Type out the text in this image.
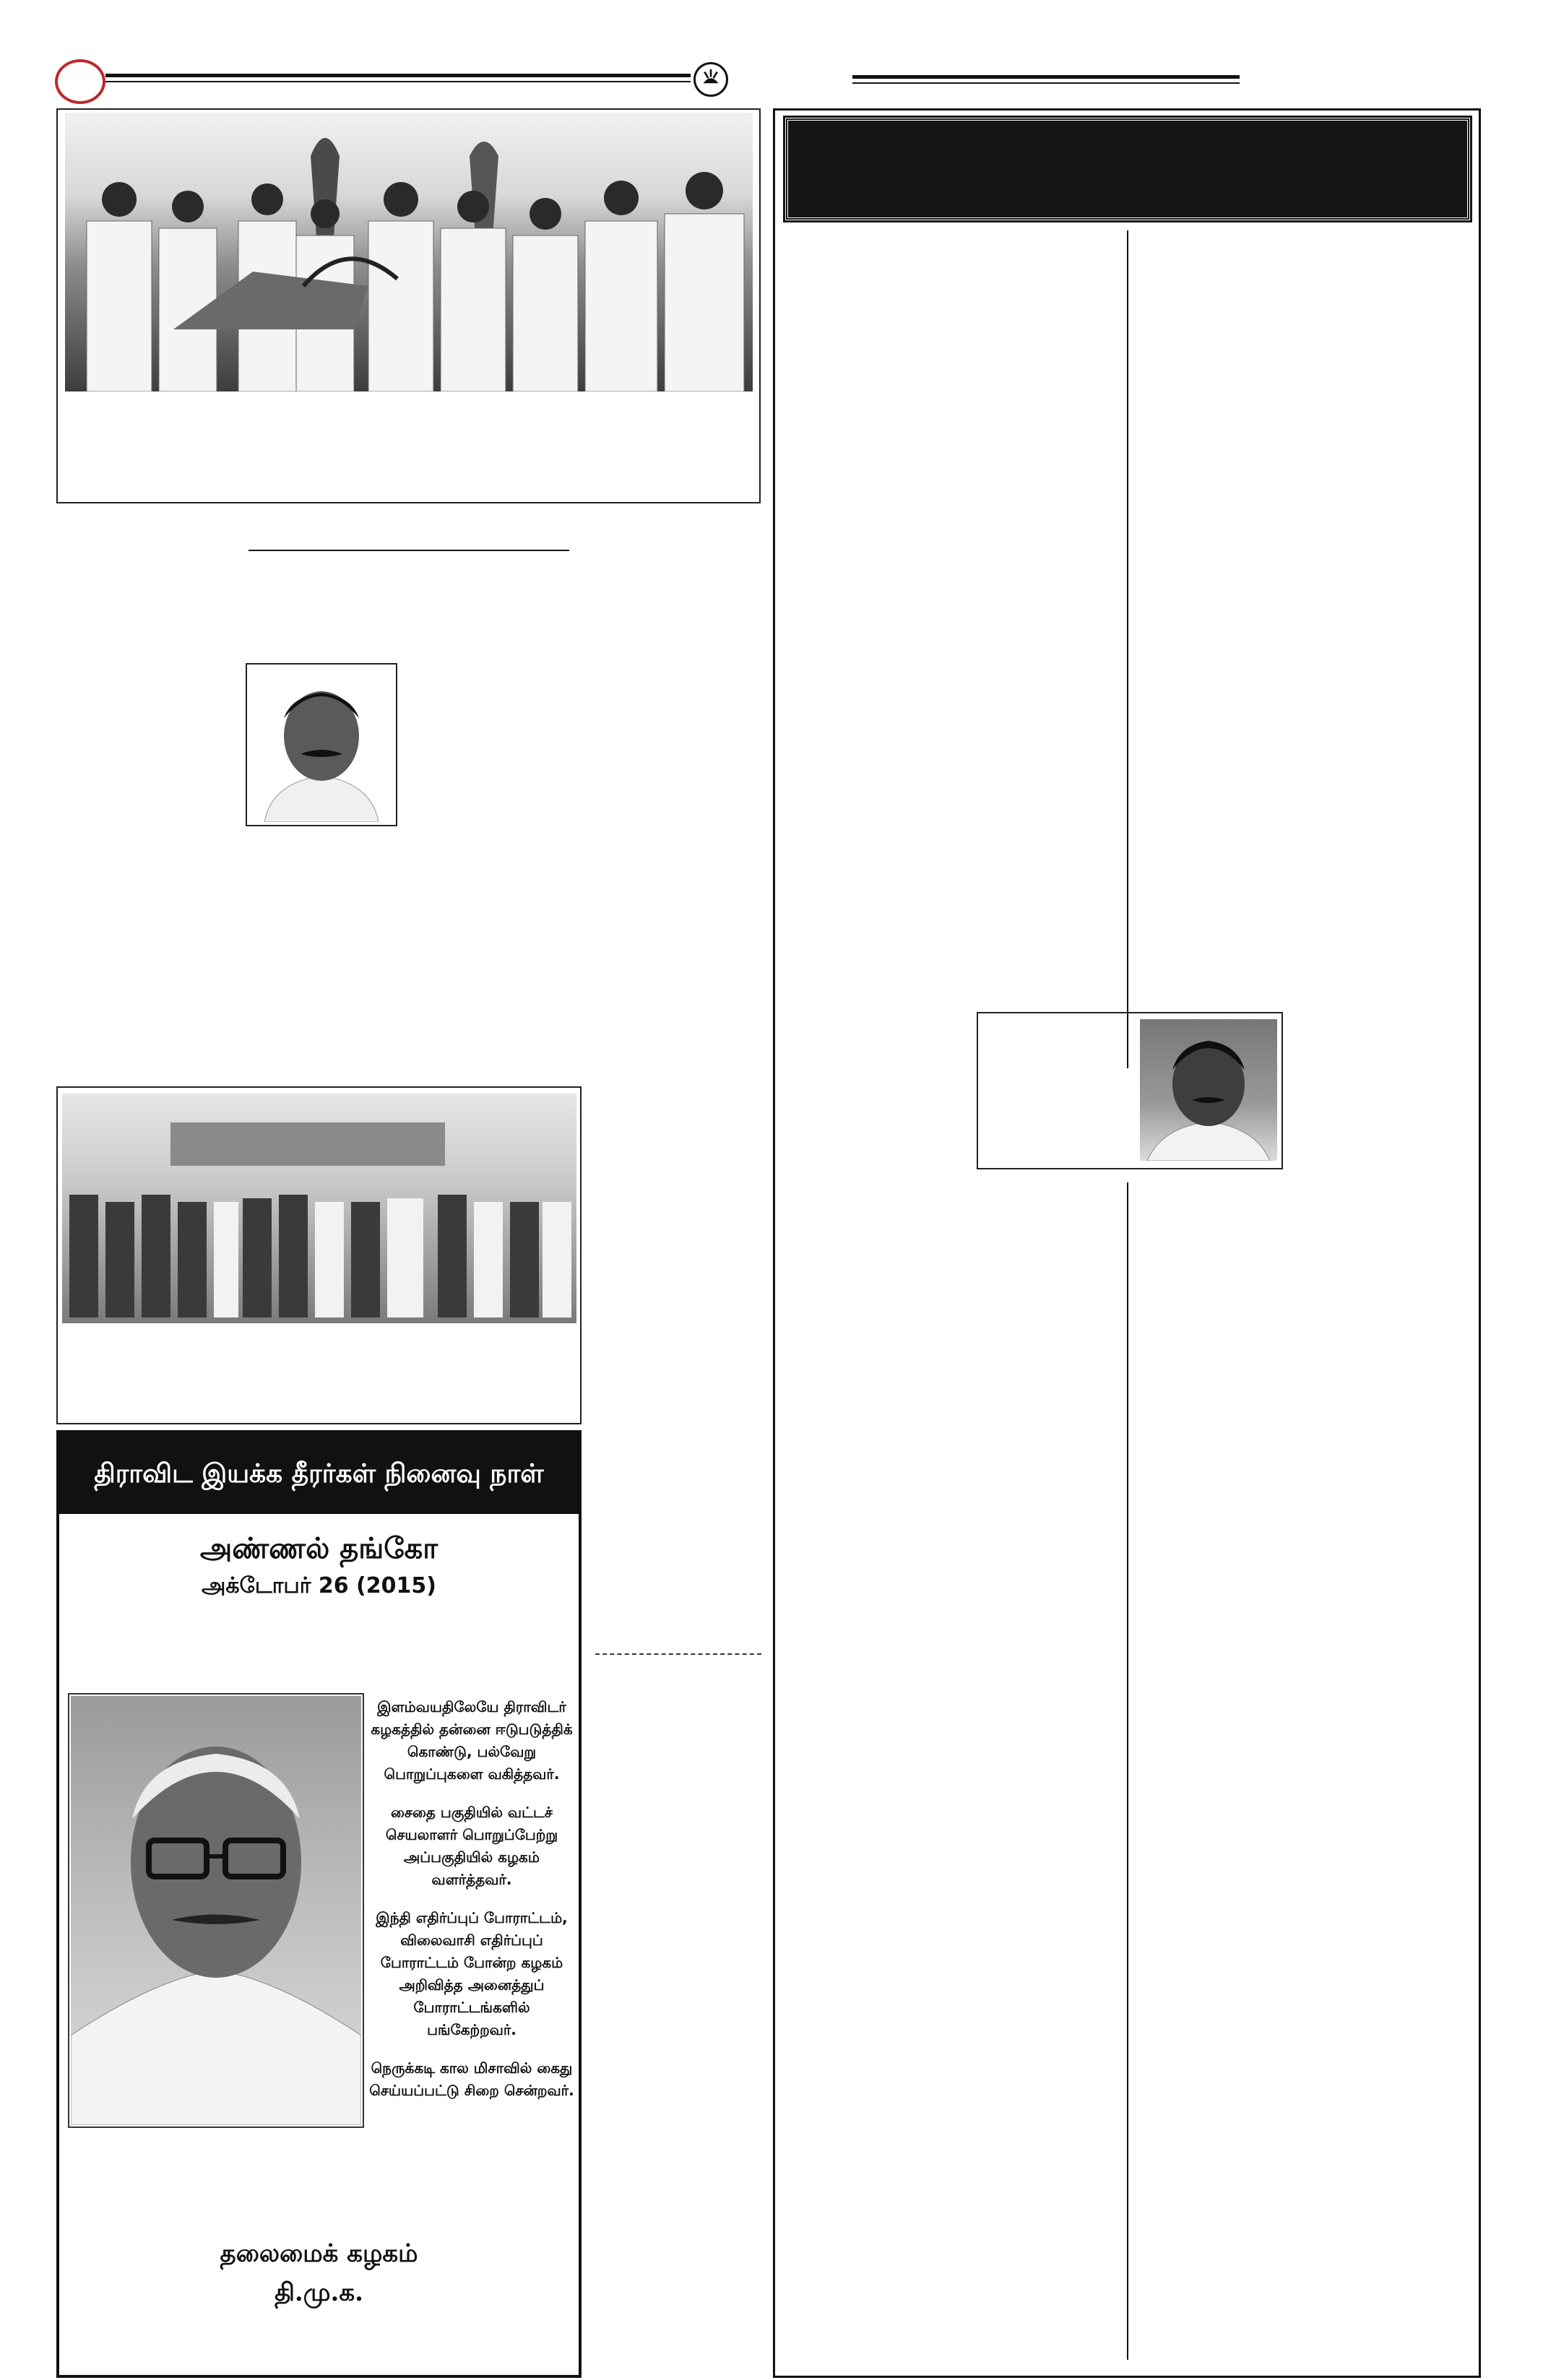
திராவிட இயக்க தீரர்கள் நினைவு நாள்
அண்ணல் தங்கோ
அக்டோபர் 26 (2015)

இளம்வயதிலேயே திராவிடர் கழகத்தில் தன்னை ஈடுபடுத்திக் கொண்டு, பல்வேறு பொறுப்புகளை வகித்தவர்.

சைதை பகுதியில் வட்டச் செயலாளர் பொறுப்பேற்று அப்பகுதியில் கழகம் வளர்த்தவர்.

இந்தி எதிர்ப்புப் போராட்டம், விலைவாசி எதிர்ப்புப் போராட்டம் போன்ற கழகம் அறிவித்த அனைத்துப் போராட்டங்களில் பங்கேற்றவர்.

நெருக்கடி கால மிசாவில் கைது செய்யப்பட்டு சிறை சென்றவர்.

தலைமைக் கழகம்
தி.மு.க.
